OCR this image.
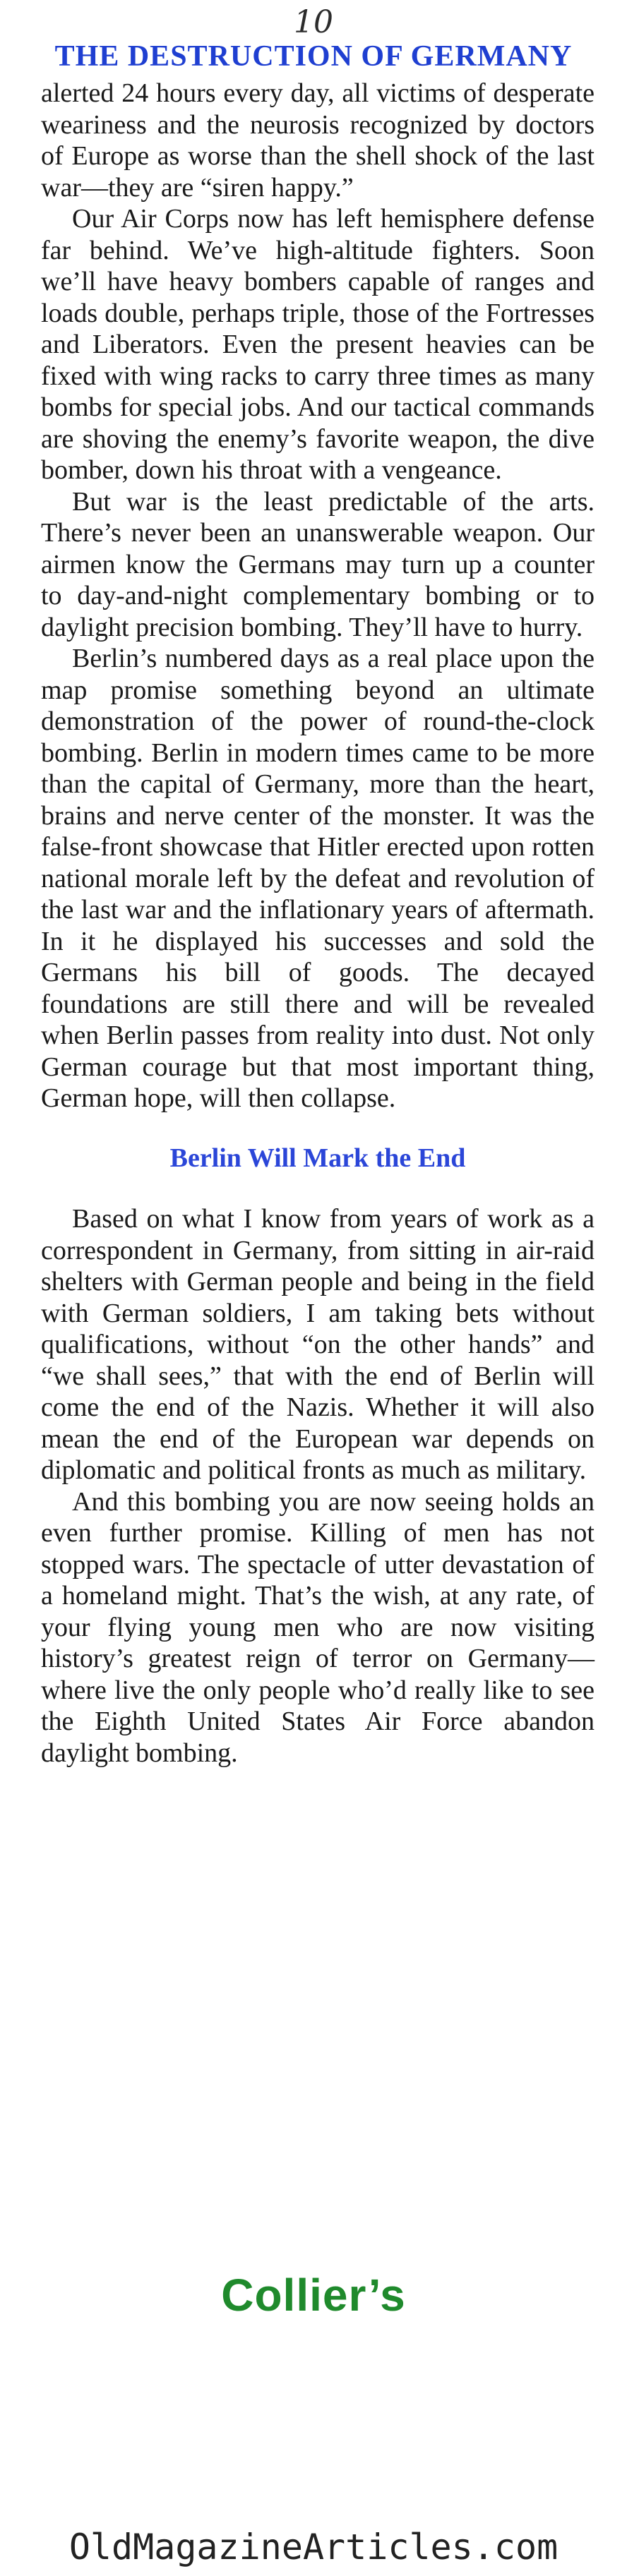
10
THE DESTRUCTION OF GERMANY

alerted 24 hours every day, all victims of desperate weariness and the neurosis recognized by doctors of Europe as worse than the shell shock of the last war—they are “siren happy.”

Our Air Corps now has left hemisphere defense far behind. We’ve high-altitude fighters. Soon we’ll have heavy bombers capable of ranges and loads double, perhaps triple, those of the Fortresses and Liberators. Even the present heavies can be fixed with wing racks to carry three times as many bombs for special jobs. And our tactical commands are shoving the enemy’s favorite weapon, the dive bomber, down his throat with a vengeance.

But war is the least predictable of the arts. There’s never been an unanswerable weapon. Our airmen know the Germans may turn up a counter to day-and-night complementary bombing or to daylight precision bombing. They’ll have to hurry.

Berlin’s numbered days as a real place upon the map promise something beyond an ultimate demonstration of the power of round-the-clock bombing. Berlin in modern times came to be more than the capital of Germany, more than the heart, brains and nerve center of the monster. It was the false-front showcase that Hitler erected upon rotten national morale left by the defeat and revolution of the last war and the inflationary years of aftermath. In it he displayed his successes and sold the Germans his bill of goods. The decayed foundations are still there and will be revealed when Berlin passes from reality into dust. Not only German courage but that most important thing, German hope, will then collapse.

Berlin Will Mark the End

Based on what I know from years of work as a correspondent in Germany, from sitting in air-raid shelters with German people and being in the field with German soldiers, I am taking bets without qualifications, without “on the other hands” and “we shall sees,” that with the end of Berlin will come the end of the Nazis. Whether it will also mean the end of the European war depends on diplomatic and political fronts as much as military.

And this bombing you are now seeing holds an even further promise. Killing of men has not stopped wars. The spectacle of utter devastation of a homeland might. That’s the wish, at any rate, of your flying young men who are now visiting history’s greatest reign of terror on Germany—where live the only people who’d really like to see the Eighth United States Air Force abandon daylight bombing.

Collier’s
OldMagazineArticles.com
